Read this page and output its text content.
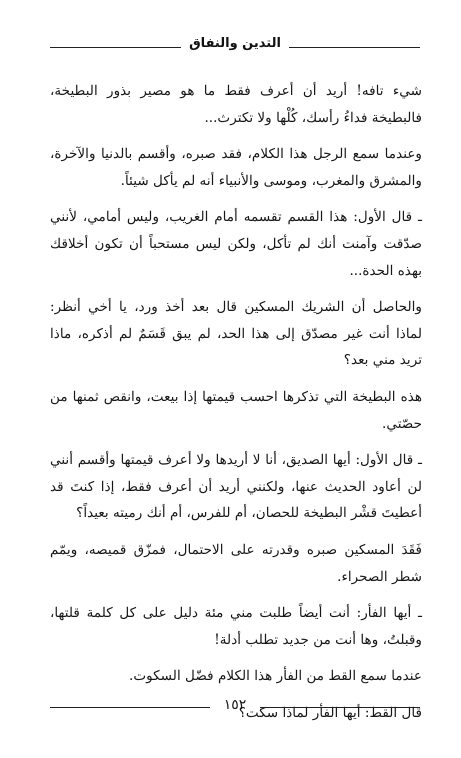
التدين والنفاق

شيء تافه! أريد أن أعرف فقط ما هو مصير بذور البطيخة، فالبطيخة فداءُ رأسك، كُلْها ولا تكترث...

وعندما سمع الرجل هذا الكلام، فقد صبره، وأقسم بالدنيا والآخرة، والمشرق والمغرب، وموسى والأنبياء أنه لم يأكل شيئاً.

ـ قال الأول: هذا القسم تقسمه أمام الغريب، وليس أمامي، لأنني صدّقت وآمنت أنك لم تأكل، ولكن ليس مستحباً أن تكون أخلاقك بهذه الحدة...

والحاصل أن الشريك المسكين قال بعد أخذ ورد، يا أخي أنظر: لماذا أنت غير مصدّق إلى هذا الحد، لم يبق قَسَمٌ لم أذكره، ماذا تريد مني بعد؟

هذه البطيخة التي تذكرها احسب قيمتها إذا بيعت، وانقص ثمنها من حصّتي.

ـ قال الأول: أيها الصديق، أنا لا أريدها ولا أعرف قيمتها وأقسم أنني لن أعاود الحديث عنها، ولكنني أريد أن أعرف فقط، إذا كنتَ قد أعطيتَ قشْر البطيخة للحصان، أم للفرس، أم أنك رميته بعيداً؟

فَقَدَ المسكين صبره وقدرته على الاحتمال، فمزّق قميصه، ويمّم شطر الصحراء.

ـ أيها الفأر: أنت أيضاً طلبت مني مئة دليل على كل كلمة قلتها، وقبلتُ، وها أنت من جديد تطلب أدلة!

عندما سمع القط من الفأر هذا الكلام فضّل السكوت.

قال القط: أيها الفأر لماذا سكت؟

١٥٢
